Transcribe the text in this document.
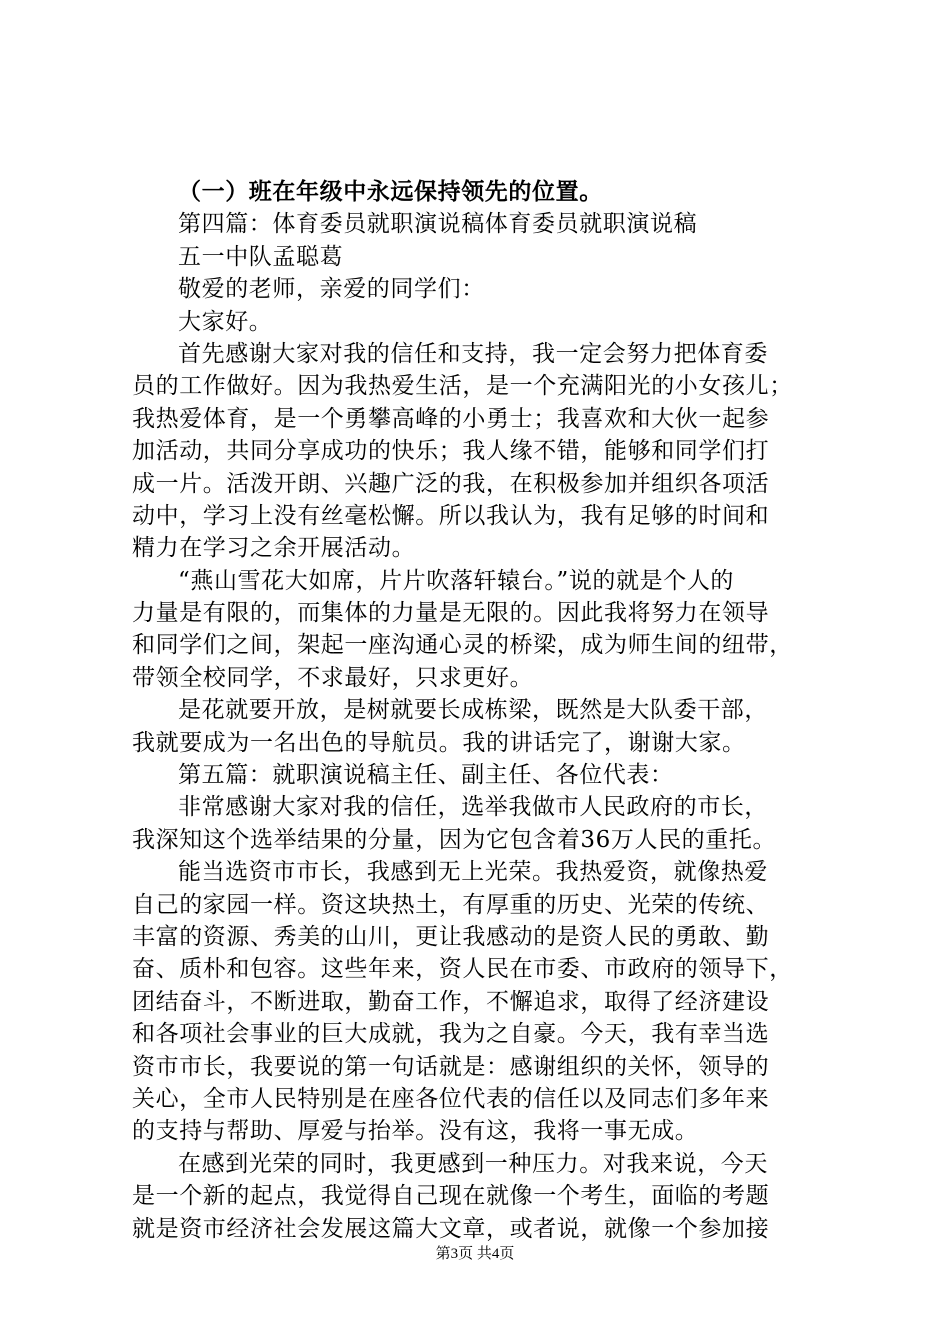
（一）班在年级中永远保持领先的位置。
第四篇：体育委员就职演说稿体育委员就职演说稿
五一中队孟聪葛
敬爱的老师，亲爱的同学们：
大家好。
首先感谢大家对我的信任和支持，我一定会努力把体育委
员的工作做好。因为我热爱生活，是一个充满阳光的小女孩儿；
我热爱体育，是一个勇攀高峰的小勇士；我喜欢和大伙一起参
加活动，共同分享成功的快乐；我人缘不错，能够和同学们打
成一片。活泼开朗、兴趣广泛的我，在积极参加并组织各项活
动中，学习上没有丝毫松懈。所以我认为，我有足够的时间和
精力在学习之余开展活动。
“燕山雪花大如席，片片吹落轩辕台。”说的就是个人的
力量是有限的，而集体的力量是无限的。因此我将努力在领导
和同学们之间，架起一座沟通心灵的桥梁，成为师生间的纽带，
带领全校同学，不求最好，只求更好。
是花就要开放，是树就要长成栋梁，既然是大队委干部，
我就要成为一名出色的导航员。我的讲话完了，谢谢大家。
第五篇：就职演说稿主任、副主任、各位代表：
非常感谢大家对我的信任，选举我做市人民政府的市长，
我深知这个选举结果的分量，因为它包含着36万人民的重托。
能当选资市市长，我感到无上光荣。我热爱资，就像热爱
自己的家园一样。资这块热土，有厚重的历史、光荣的传统、
丰富的资源、秀美的山川，更让我感动的是资人民的勇敢、勤
奋、质朴和包容。这些年来，资人民在市委、市政府的领导下，
团结奋斗，不断进取，勤奋工作，不懈追求，取得了经济建设
和各项社会事业的巨大成就，我为之自豪。今天，我有幸当选
资市市长，我要说的第一句话就是：感谢组织的关怀，领导的
关心，全市人民特别是在座各位代表的信任以及同志们多年来
的支持与帮助、厚爱与抬举。没有这，我将一事无成。
在感到光荣的同时，我更感到一种压力。对我来说，今天
是一个新的起点，我觉得自己现在就像一个考生，面临的考题
就是资市经济社会发展这篇大文章，或者说，就像一个参加接
第3页 共4页
